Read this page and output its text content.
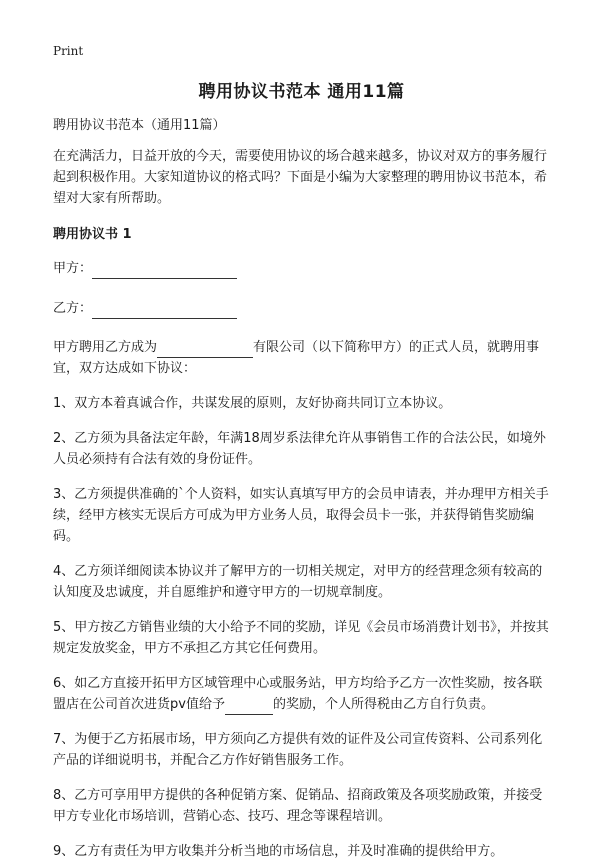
Print

聘用协议书范本 通用11篇

聘用协议书范本（通用11篇）

在充满活力，日益开放的今天，需要使用协议的场合越来越多，协议对双方的事务履行起到积极作用。大家知道协议的格式吗？下面是小编为大家整理的聘用协议书范本，希望对大家有所帮助。

聘用协议书 1
甲方：
乙方：

甲方聘用乙方成为	有限公司（以下简称甲方）的正式人员，就聘用事宜，双方达成如下协议：

1、双方本着真诚合作，共谋发展的原则，友好协商共同订立本协议。

2、乙方须为具备法定年龄，年满18周岁系法律允许从事销售工作的合法公民，如境外人员必须持有合法有效的身份证件。

3、乙方须提供准确的`个人资料，如实认真填写甲方的会员申请表，并办理甲方相关手续，经甲方核实无误后方可成为甲方业务人员，取得会员卡一张，并获得销售奖励编码。

4、乙方须详细阅读本协议并了解甲方的一切相关规定，对甲方的经营理念须有较高的认知度及忠诚度，并自愿维护和遵守甲方的一切规章制度。

5、甲方按乙方销售业绩的大小给予不同的奖励，详见《会员市场消费计划书》，并按其规定发放奖金，甲方不承担乙方其它任何费用。

6、如乙方直接开拓甲方区域管理中心或服务站，甲方均给予乙方一次性奖励，按各联盟店在公司首次进货pv值给予	的奖励，个人所得税由乙方自行负责。

7、为便于乙方拓展市场，甲方须向乙方提供有效的证件及公司宣传资料、公司系列化产品的详细说明书，并配合乙方作好销售服务工作。

8、乙方可享用甲方提供的各种促销方案、促销品、招商政策及各项奖励政策，并接受甲方专业化市场培训，营销心态、技巧、理念等课程培训。

9、乙方有责任为甲方收集并分析当地的市场信息，并及时准确的提供给甲方。
